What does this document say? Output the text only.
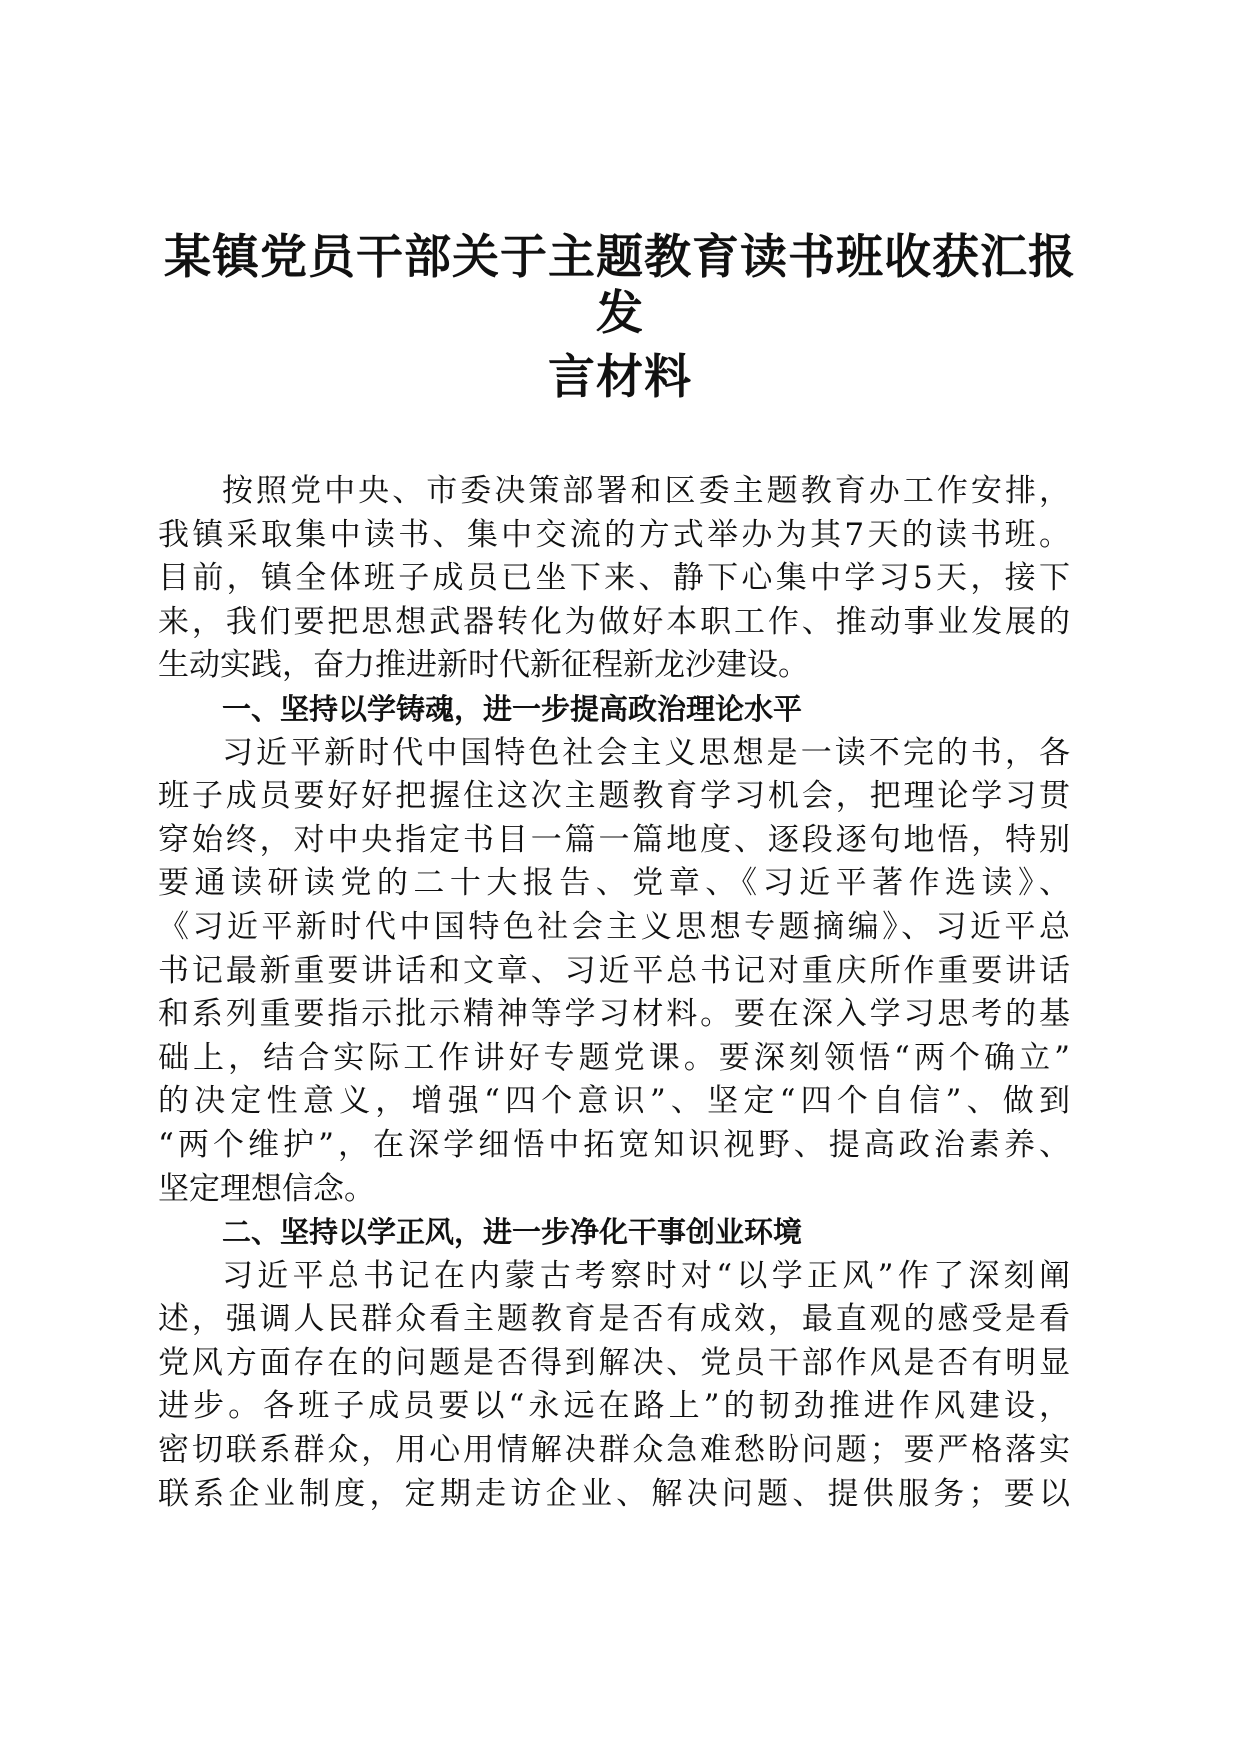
某镇党员干部关于主题教育读书班收获汇报发
言材料
按照党中央、市委决策部署和区委主题教育办工作安排，
我镇采取集中读书、集中交流的方式举办为其7天的读书班。
目前，镇全体班子成员已坐下来、静下心集中学习5天，接下
来，我们要把思想武器转化为做好本职工作、推动事业发展的
生动实践，奋力推进新时代新征程新龙沙建设。
一、坚持以学铸魂，进一步提高政治理论水平
习近平新时代中国特色社会主义思想是一读不完的书，各
班子成员要好好把握住这次主题教育学习机会，把理论学习贯
穿始终，对中央指定书目一篇一篇地度、逐段逐句地悟，特别
要通读研读党的二十大报告、党章、《习近平著作选读》、
《习近平新时代中国特色社会主义思想专题摘编》、习近平总
书记最新重要讲话和文章、习近平总书记对重庆所作重要讲话
和系列重要指示批示精神等学习材料。要在深入学习思考的基
础上，结合实际工作讲好专题党课。要深刻领悟“两个确立”
的决定性意义，增强“四个意识”、坚定“四个自信”、做到
“两个维护”，在深学细悟中拓宽知识视野、提高政治素养、
坚定理想信念。
二、坚持以学正风，进一步净化干事创业环境
习近平总书记在内蒙古考察时对“以学正风”作了深刻阐
述，强调人民群众看主题教育是否有成效，最直观的感受是看
党风方面存在的问题是否得到解决、党员干部作风是否有明显
进步。各班子成员要以“永远在路上”的韧劲推进作风建设，
密切联系群众，用心用情解决群众急难愁盼问题；要严格落实
联系企业制度，定期走访企业、解决问题、提供服务；要以
